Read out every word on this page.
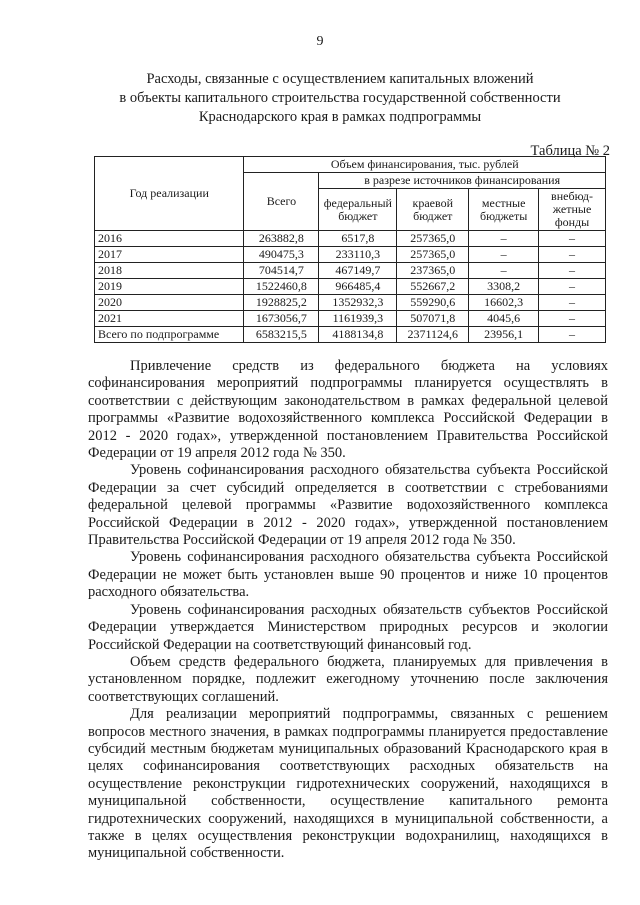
9
Расходы, связанные с осуществлением капитальных вложений
в объекты капитального строительства государственной собственности
Краснодарского края в рамках подпрограммы
Таблица № 2
Год реализации	Объем финансирования, тыс. рублей				
	Всего	в разрезе источников финансирования			
		федеральный бюджет	краевой бюджет	местные бюджеты	внебюд-жетные фонды
2016	263882,8	6517,8	257365,0	–	–
2017	490475,3	233110,3	257365,0	–	–
2018	704514,7	467149,7	237365,0	–	–
2019	1522460,8	966485,4	552667,2	3308,2	–
2020	1928825,2	1352932,3	559290,6	16602,3	–
2021	1673056,7	1161939,3	507071,8	4045,6	–
Всего по подпрограмме	6583215,5	4188134,8	2371124,6	23956,1	–

Привлечение средств из федерального бюджета на условиях софинансирования мероприятий подпрограммы планируется осуществлять в соответствии с действующим законодательством в рамках федеральной целевой программы «Развитие водохозяйственного комплекса Российской Федерации в 2012 - 2020 годах», утвержденной постановлением Правительства Российской Федерации от 19 апреля 2012 года № 350.

Уровень софинансирования расходного обязательства субъекта Российской Федерации за счет субсидий определяется в соответствии с стребованиями федеральной целевой программы «Развитие водохозяйственного комплекса Российской Федерации в 2012 - 2020 годах», утвержденной постановлением Правительства Российской Федерации от 19 апреля 2012 года № 350.

Уровень софинансирования расходного обязательства субъекта Российской Федерации не может быть установлен выше 90 процентов и ниже 10 процентов расходного обязательства.

Уровень софинансирования расходных обязательств субъектов Российской Федерации утверждается Министерством природных ресурсов и экологии Российской Федерации на соответствующий финансовый год.

Объем средств федерального бюджета, планируемых для привлечения в установленном порядке, подлежит ежегодному уточнению после заключения соответствующих соглашений.

Для реализации мероприятий подпрограммы, связанных с решением вопросов местного значения, в рамках подпрограммы планируется предоставление субсидий местным бюджетам муниципальных образований Краснодарского края в целях софинансирования соответствующих расходных обязательств на осуществление реконструкции гидротехнических сооружений, находящихся в муниципальной собственности, осуществление капитального ремонта гидротехнических сооружений, находящихся в муниципальной собственности, а также в целях осуществления реконструкции водохранилищ, находящихся в муниципальной собственности.
